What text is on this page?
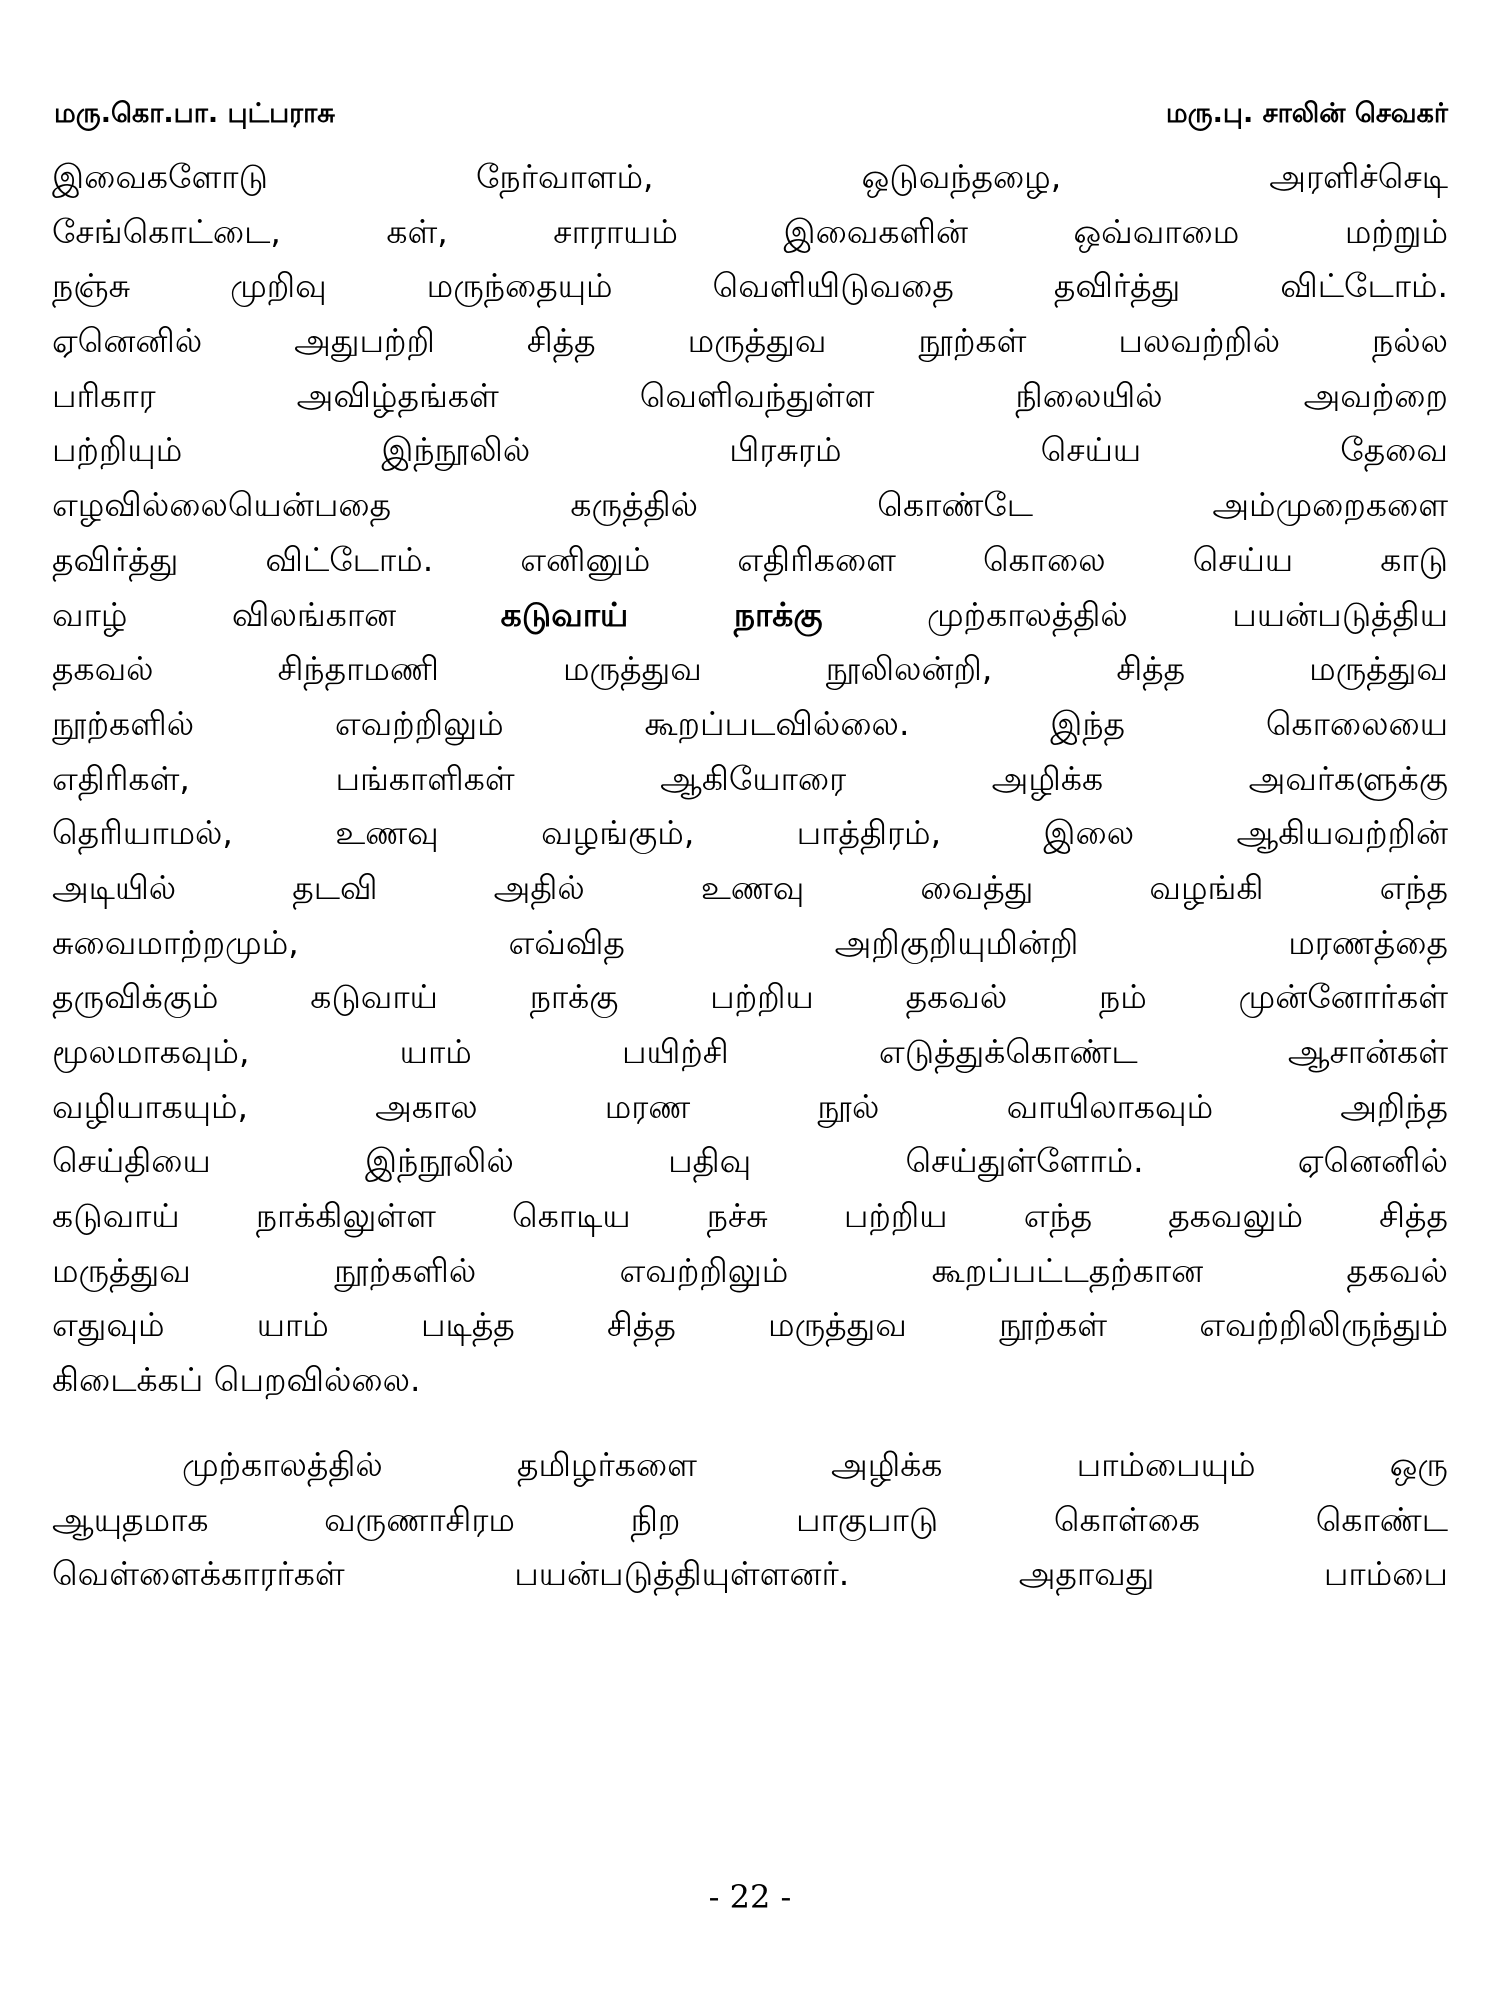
மரு.கொ.பா. புட்பராசு	மரு.பு. சாலின் செவகர்
இவைகளோடு நேர்வாளம், ஒடுவந்தழை, அரளிச்செடி
சேங்கொட்டை, கள், சாராயம் இவைகளின் ஒவ்வாமை மற்றும்
நஞ்சு முறிவு மருந்தையும் வெளியிடுவதை தவிர்த்து விட்டோம்.
ஏனெனில் அதுபற்றி சித்த மருத்துவ நூற்கள் பலவற்றில் நல்ல
பரிகார அவிழ்தங்கள் வெளிவந்துள்ள நிலையில் அவற்றை
பற்றியும் இந்நூலில் பிரசுரம் செய்ய தேவை
எழவில்லையென்பதை கருத்தில் கொண்டே அம்முறைகளை
தவிர்த்து விட்டோம். எனினும் எதிரிகளை கொலை செய்ய காடு
வாழ் விலங்கான கடுவாய் நாக்கு முற்காலத்தில் பயன்படுத்திய
தகவல் சிந்தாமணி மருத்துவ நூலிலன்றி, சித்த மருத்துவ
நூற்களில் எவற்றிலும் கூறப்படவில்லை. இந்த கொலையை
எதிரிகள், பங்காளிகள் ஆகியோரை அழிக்க அவர்களுக்கு
தெரியாமல், உணவு வழங்கும், பாத்திரம், இலை ஆகியவற்றின்
அடியில் தடவி அதில் உணவு வைத்து வழங்கி எந்த
சுவைமாற்றமும், எவ்வித அறிகுறியுமின்றி மரணத்தை
தருவிக்கும் கடுவாய் நாக்கு பற்றிய தகவல் நம் முன்னோர்கள்
மூலமாகவும், யாம் பயிற்சி எடுத்துக்கொண்ட ஆசான்கள்
வழியாகயும், அகால மரண நூல் வாயிலாகவும் அறிந்த
செய்தியை இந்நூலில் பதிவு செய்துள்ளோம். ஏனெனில்
கடுவாய் நாக்கிலுள்ள கொடிய நச்சு பற்றிய எந்த தகவலும் சித்த
மருத்துவ நூற்களில் எவற்றிலும் கூறப்பட்டதற்கான தகவல்
எதுவும் யாம் படித்த சித்த மருத்துவ நூற்கள் எவற்றிலிருந்தும்
கிடைக்கப் பெறவில்லை.
முற்காலத்தில் தமிழர்களை அழிக்க பாம்பையும் ஒரு
ஆயுதமாக வருணாசிரம நிற பாகுபாடு கொள்கை கொண்ட
வெள்ளைக்காரர்கள் பயன்படுத்தியுள்ளனர். அதாவது பாம்பை
- 22 -
